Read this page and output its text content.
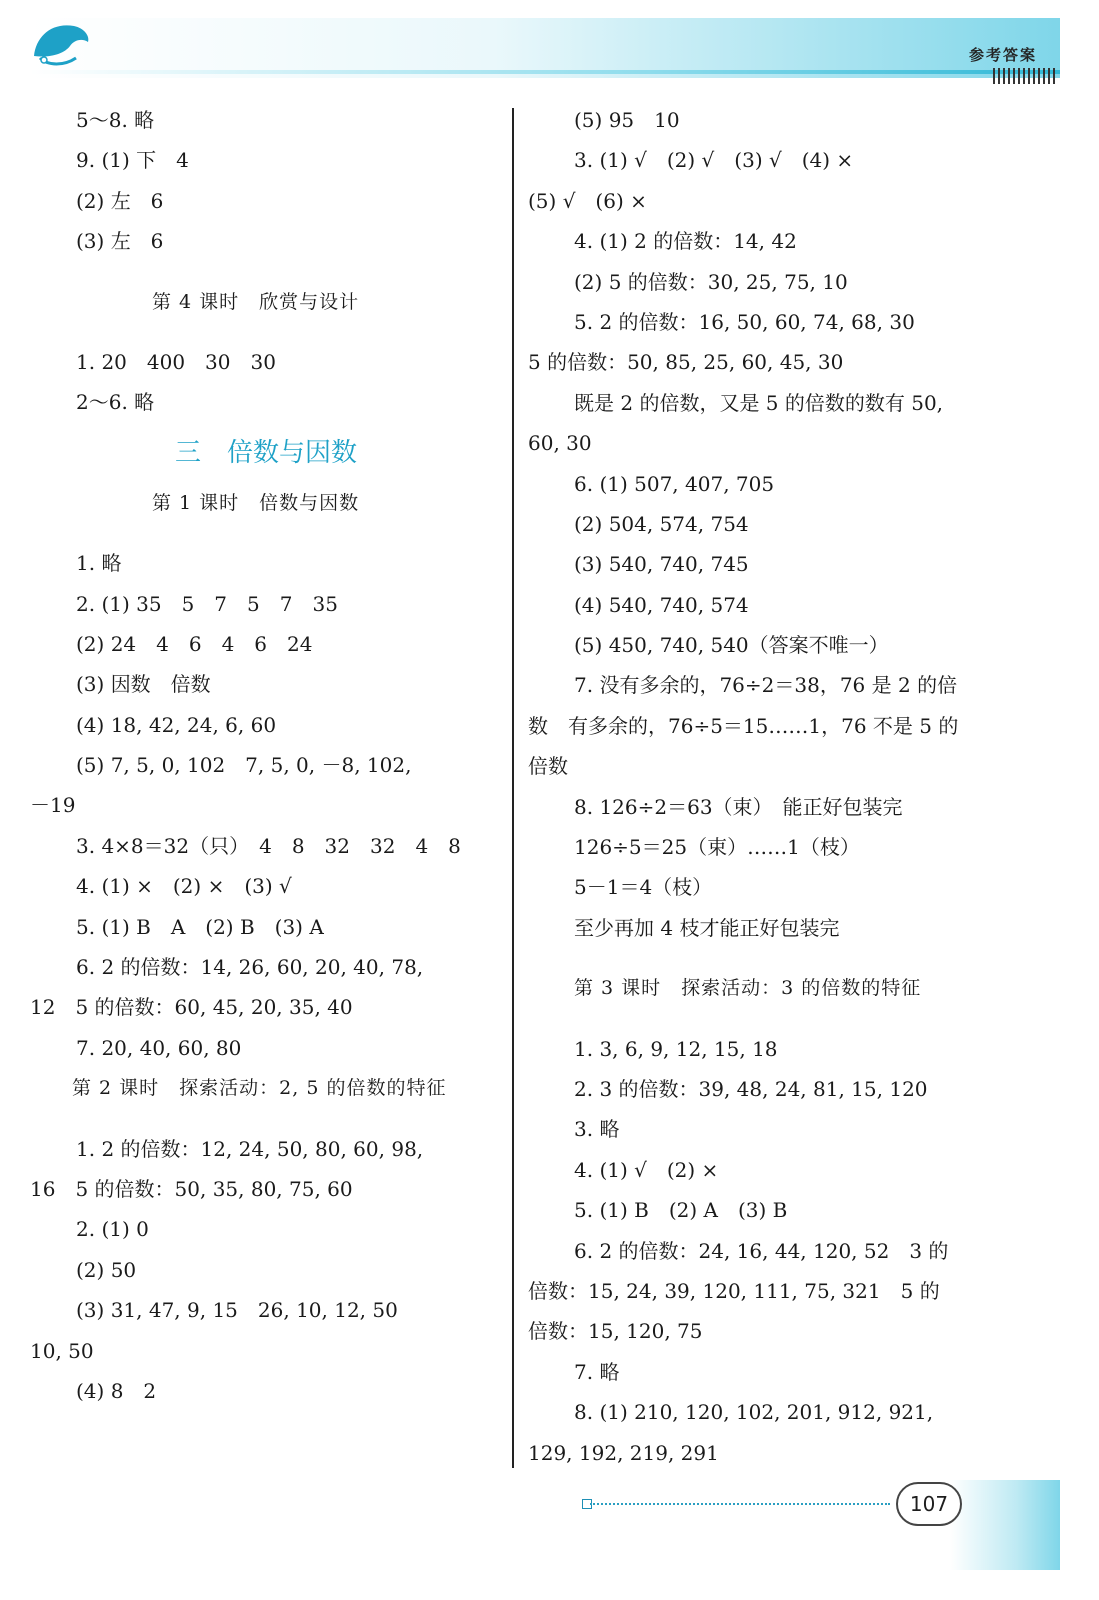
参考答案
5～8. 略
9. (1) 下　4
(2) 左　6
(3) 左　6
第 4 课时　欣赏与设计
1. 20　400　30　30
2～6. 略
三　倍数与因数
第 1 课时　倍数与因数
1. 略
2. (1) 35　5　7　5　7　35
(2) 24　4　6　4　6　24
(3) 因数　倍数
(4) 18, 42, 24, 6, 60
(5) 7, 5, 0, 102　7, 5, 0, －8, 102,
－19
3. 4×8＝32（只）　4　8　32　32　4　8
4. (1) ×　(2) ×　(3) √
5. (1) B　A　(2) B　(3) A
6. 2 的倍数：14, 26, 60, 20, 40, 78,
12　5 的倍数：60, 45, 20, 35, 40
7. 20, 40, 60, 80
第 2 课时　探索活动：2, 5 的倍数的特征
1. 2 的倍数：12, 24, 50, 80, 60, 98,
16　5 的倍数：50, 35, 80, 75, 60
2. (1) 0
(2) 50
(3) 31, 47, 9, 15　26, 10, 12, 50
10, 50
(4) 8　2
(5) 95　10
3. (1) √　(2) √　(3) √　(4) ×
(5) √　(6) ×
4. (1) 2 的倍数：14, 42
(2) 5 的倍数：30, 25, 75, 10
5. 2 的倍数：16, 50, 60, 74, 68, 30
5 的倍数：50, 85, 25, 60, 45, 30
既是 2 的倍数，又是 5 的倍数的数有 50,
60, 30
6. (1) 507, 407, 705
(2) 504, 574, 754
(3) 540, 740, 745
(4) 540, 740, 574
(5) 450, 740, 540（答案不唯一）
7. 没有多余的，76÷2＝38，76 是 2 的倍
数　有多余的，76÷5＝15……1，76 不是 5 的
倍数
8. 126÷2＝63（束）　能正好包装完
126÷5＝25（束）……1（枝）
5－1＝4（枝）
至少再加 4 枝才能正好包装完
第 3 课时　探索活动：3 的倍数的特征
1. 3, 6, 9, 12, 15, 18
2. 3 的倍数：39, 48, 24, 81, 15, 120
3. 略
4. (1) √　(2) ×
5. (1) B　(2) A　(3) B
6. 2 的倍数：24, 16, 44, 120, 52　3 的
倍数：15, 24, 39, 120, 111, 75, 321　5 的
倍数：15, 120, 75
7. 略
8. (1) 210, 120, 102, 201, 912, 921,
129, 192, 219, 291
107
